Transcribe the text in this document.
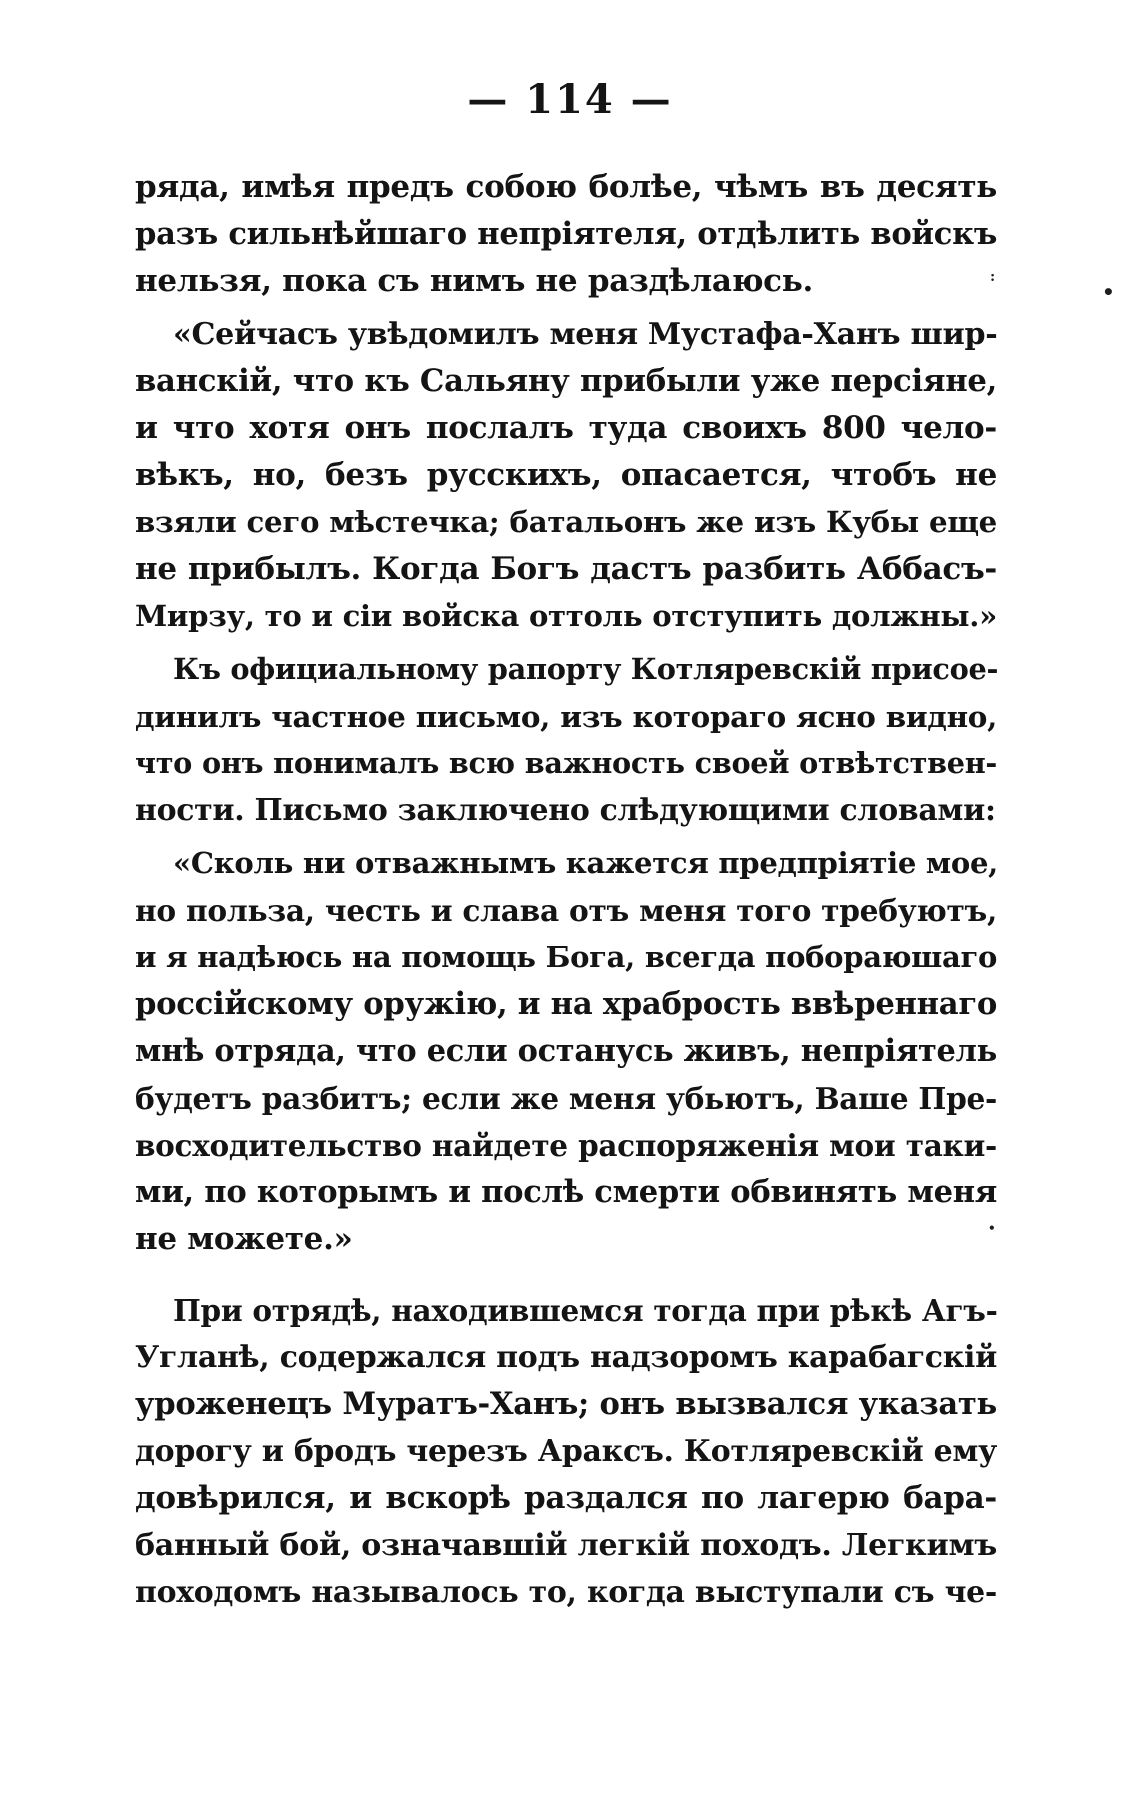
— 114 —
ряда, имѣя предъ собою болѣе, чѣмъ въ десять
разъ сильнѣйшаго непріятеля, отдѣлить войскъ
нельзя, пока съ нимъ не раздѣлаюсь.
«Сейчасъ увѣдомилъ меня Мустафа-Ханъ шир-
ванскій, что къ Сальяну прибыли уже персіяне,
и что хотя онъ послалъ туда своихъ 800 чело-
вѣкъ, но, безъ русскихъ, опасается, чтобъ не
взяли сего мѣстечка; батальонъ же изъ Кубы еще
не прибылъ. Когда Богъ дастъ разбить Аббасъ-
Мирзу, то и сіи войска оттоль отступить должны.»
Къ официальному рапорту Котляревскій присое-
динилъ частное письмо, изъ котораго ясно видно,
что онъ понималъ всю важность своей отвѣтствен-
ности. Письмо заключено слѣдующими словами:
«Сколь ни отважнымъ кажется предпріятіе мое,
но польза, честь и слава отъ меня того требуютъ,
и я надѣюсь на помощь Бога, всегда побораюшаго
россійскому оружію, и на храбрость ввѣреннаго
мнѣ отряда, что если останусь живъ, непріятель
будетъ разбитъ; если же меня убьютъ, Ваше Пре-
восходительство найдете распоряженія мои таки-
ми, по которымъ и послѣ смерти обвинять меня
не можете.»
При отрядѣ, находившемся тогда при рѣкѣ Агъ-
Угланѣ, содержался подъ надзоромъ карабагскій
уроженецъ Муратъ-Ханъ; онъ вызвался указать
дорогу и бродъ черезъ Араксъ. Котляревскій ему
довѣрился, и вскорѣ раздался по лагерю бара-
банный бой, означавшій легкій походъ. Легкимъ
походомъ называлось то, когда выступали съ че-
•
:
•
